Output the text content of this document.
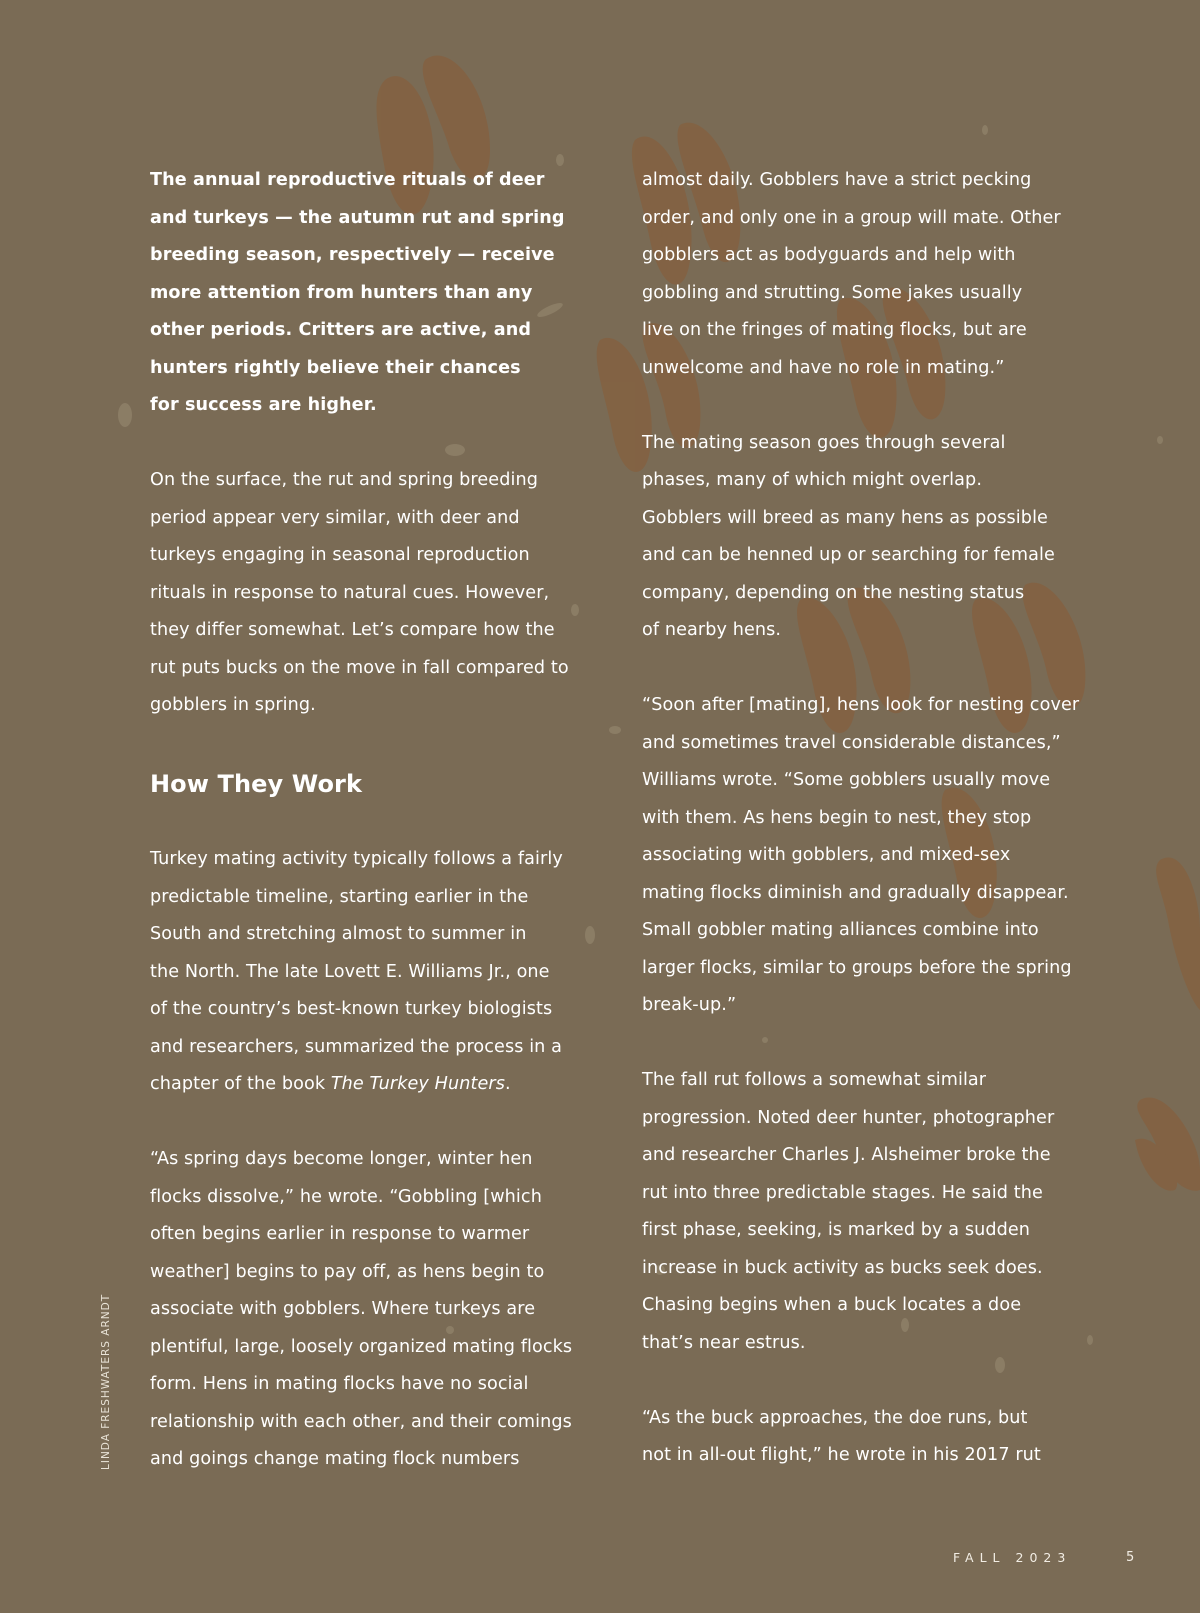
The annual reproductive rituals of deer
and turkeys — the autumn rut and spring
breeding season, respectively — receive
more attention from hunters than any
other periods. Critters are active, and
hunters rightly believe their chances
for success are higher.

On the surface, the rut and spring breeding
period appear very similar, with deer and
turkeys engaging in seasonal reproduction
rituals in response to natural cues. However,
they differ somewhat. Let’s compare how the
rut puts bucks on the move in fall compared to
gobblers in spring.

How They Work

Turkey mating activity typically follows a fairly
predictable timeline, starting earlier in the
South and stretching almost to summer in
the North. The late Lovett E. Williams Jr., one
of the country’s best-known turkey biologists
and researchers, summarized the process in a
chapter of the book The Turkey Hunters.

“As spring days become longer, winter hen
flocks dissolve,” he wrote. “Gobbling [which
often begins earlier in response to warmer
weather] begins to pay off, as hens begin to
associate with gobblers. Where turkeys are
plentiful, large, loosely organized mating flocks
form. Hens in mating flocks have no social
relationship with each other, and their comings
and goings change mating flock numbers

almost daily. Gobblers have a strict pecking
order, and only one in a group will mate. Other
gobblers act as bodyguards and help with
gobbling and strutting. Some jakes usually
live on the fringes of mating flocks, but are
unwelcome and have no role in mating.”

The mating season goes through several
phases, many of which might overlap.
Gobblers will breed as many hens as possible
and can be henned up or searching for female
company, depending on the nesting status
of nearby hens.

“Soon after [mating], hens look for nesting cover
and sometimes travel considerable distances,”
Williams wrote. “Some gobblers usually move
with them. As hens begin to nest, they stop
associating with gobblers, and mixed-sex
mating flocks diminish and gradually disappear.
Small gobbler mating alliances combine into
larger flocks, similar to groups before the spring
break-up.”

The fall rut follows a somewhat similar
progression. Noted deer hunter, photographer
and researcher Charles J. Alsheimer broke the
rut into three predictable stages. He said the
first phase, seeking, is marked by a sudden
increase in buck activity as bucks seek does.
Chasing begins when a buck locates a doe
that’s near estrus.

“As the buck approaches, the doe runs, but
not in all-out flight,” he wrote in his 2017 rut

LINDA FRESHWATERS ARNDT
FALL 2023	5
